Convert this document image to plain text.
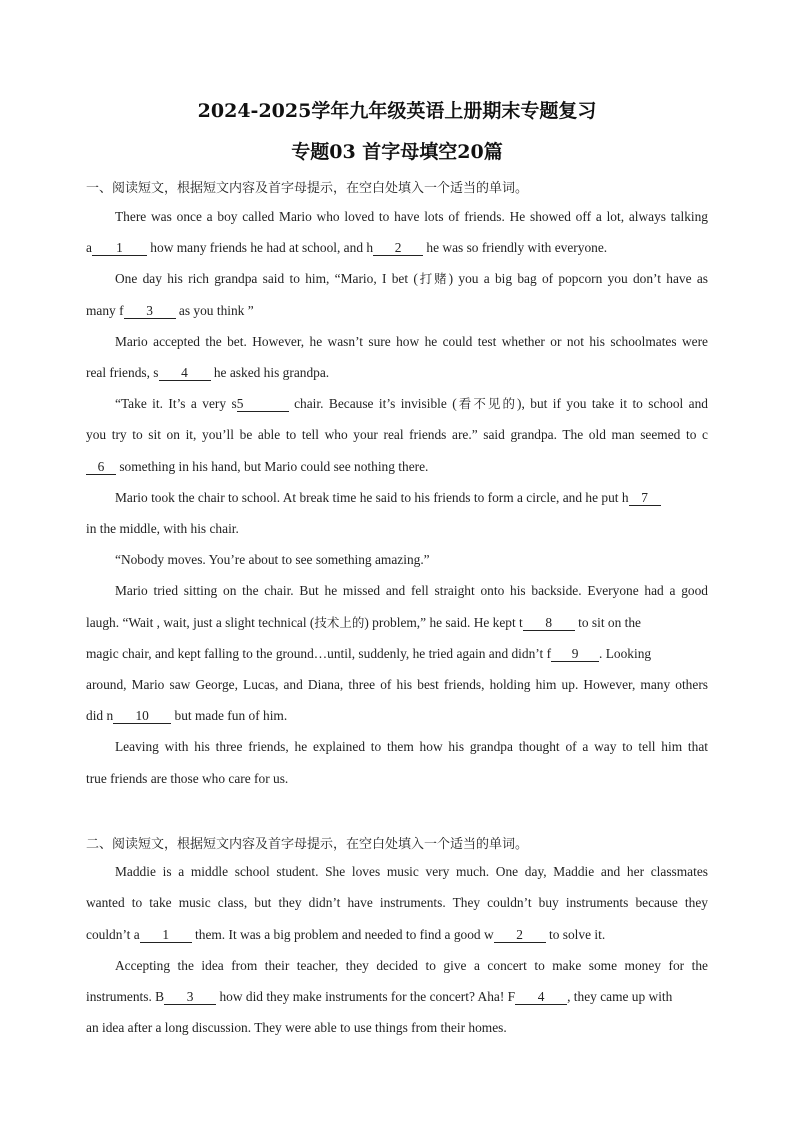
2024-2025学年九年级英语上册期末专题复习
专题03 首字母填空20篇
一、阅读短文，根据短文内容及首字母提示，在空白处填入一个适当的单词。
There was once a boy called Mario who loved to have lots of friends. He showed off a lot, always talking
a 1 how many friends he had at school, and h 2 he was so friendly with everyone.
One day his rich grandpa said to him, “Mario, I bet (打赌) you a big bag of popcorn you don’t have as
many f 3 as you think ”
Mario accepted the bet. However, he wasn’t sure how he could test whether or not his schoolmates were
real friends, s 4 he asked his grandpa.
“Take it. It’s a very s5	chair. Because it’s invisible (看不见的), but if you take it to school and
you try to sit on it, you’ll be able to tell who your real friends are.” said grandpa. The old man seemed to c
6 something in his hand, but Mario could see nothing there.
Mario took the chair to school. At break time he said to his friends to form a circle, and he put h 7
in the middle, with his chair.
“Nobody moves. You’re about to see something amazing.”
Mario tried sitting on the chair. But he missed and fell straight onto his backside. Everyone had a good
laugh. “Wait , wait, just a slight technical (技术上的) problem,” he said. He kept t 8 to sit on the
magic chair, and kept falling to the ground…until, suddenly, he tried again and didn’t f 9 . Looking
around, Mario saw George, Lucas, and Diana, three of his best friends, holding him up. However, many others
did n 10 but made fun of him.
Leaving with his three friends, he explained to them how his grandpa thought of a way to tell him that
true friends are those who care for us.
二、阅读短文，根据短文内容及首字母提示，在空白处填入一个适当的单词。
Maddie is a middle school student. She loves music very much. One day, Maddie and her classmates
wanted to take music class, but they didn’t have instruments. They couldn’t buy instruments because they
couldn’t a 1 them. It was a big problem and needed to find a good w 2 to solve it.
Accepting the idea from their teacher, they decided to give a concert to make some money for the
instruments. B 3 how did they make instruments for the concert? Aha! F 4 , they came up with
an idea after a long discussion. They were able to use things from their homes.
